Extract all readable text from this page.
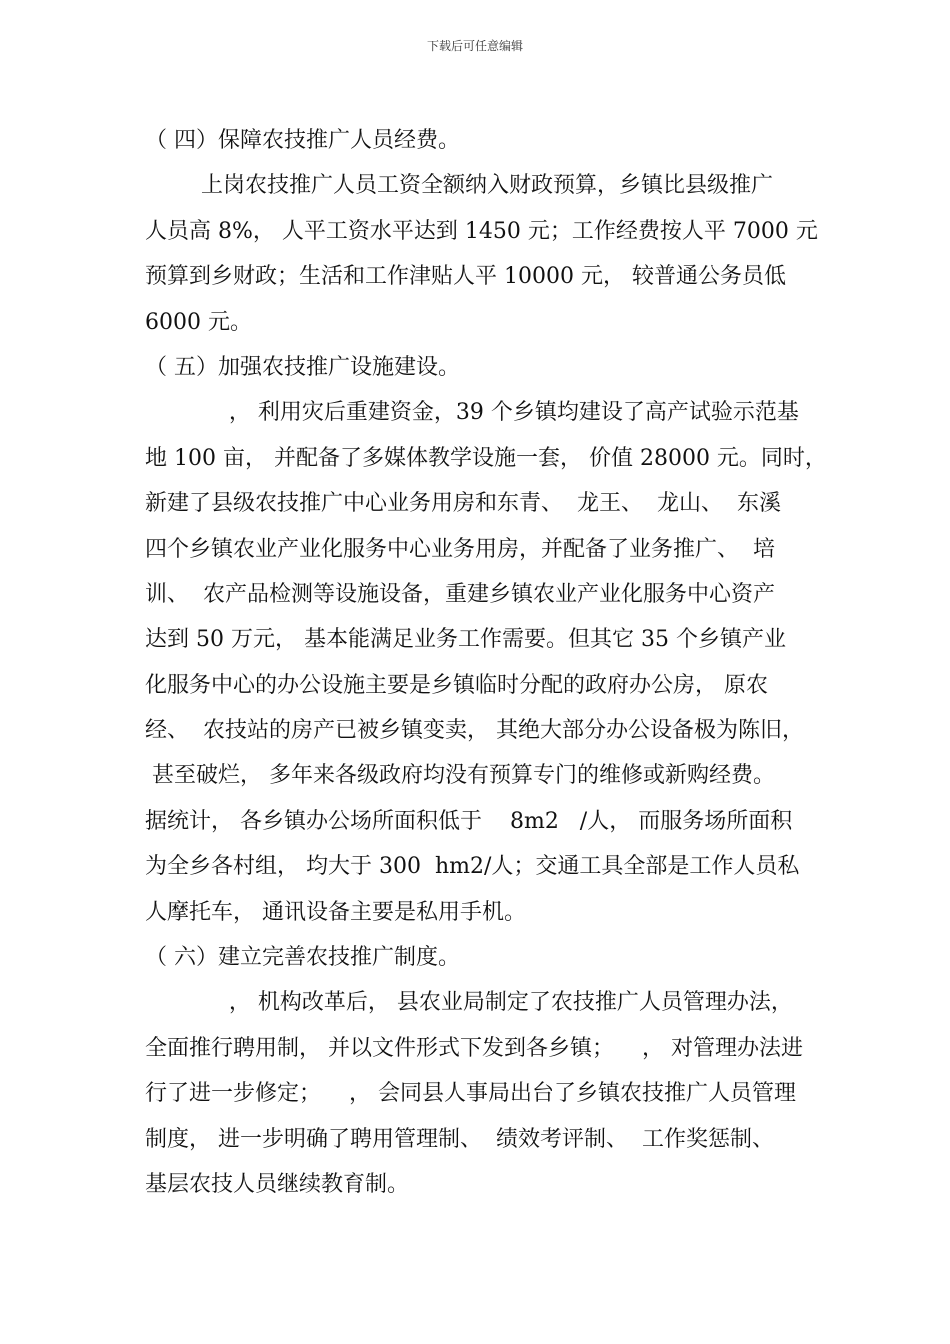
下载后可任意编辑
（ 四）保障农技推广人员经费。
上岗农技推广人员工资全额纳入财政预算，乡镇比县级推广
人员高 8%， 人平工资水平达到 1450 元；工作经费按人平 7000 元
预算到乡财政；生活和工作津贴人平 10000 元， 较普通公务员低
6000 元。
（ 五）加强农技推广设施建设。
， 利用灾后重建资金，39 个乡镇均建设了高产试验示范基
地 100 亩， 并配备了多媒体教学设施一套， 价值 28000 元。同时，
新建了县级农技推广中心业务用房和东青、  龙王、  龙山、  东溪
四个乡镇农业产业化服务中心业务用房，并配备了业务推广、  培
训、  农产品检测等设施设备，重建乡镇农业产业化服务中心资产
达到 50 万元， 基本能满足业务工作需要。但其它 35 个乡镇产业
化服务中心的办公设施主要是乡镇临时分配的政府办公房， 原农
经、  农技站的房产已被乡镇变卖， 其绝大部分办公设备极为陈旧，
甚至破烂， 多年来各级政府均没有预算专门的维修或新购经费。
据统计， 各乡镇办公场所面积低于    8m2   /人， 而服务场所面积
为全乡各村组， 均大于 300  hm2/人；交通工具全部是工作人员私
人摩托车， 通讯设备主要是私用手机。
（ 六）建立完善农技推广制度。
， 机构改革后， 县农业局制定了农技推广人员管理办法，
全面推行聘用制， 并以文件形式下发到各乡镇；    ， 对管理办法进
行了进一步修定；    ， 会同县人事局出台了乡镇农技推广人员管理
制度， 进一步明确了聘用管理制、  绩效考评制、  工作奖惩制、
基层农技人员继续教育制。
